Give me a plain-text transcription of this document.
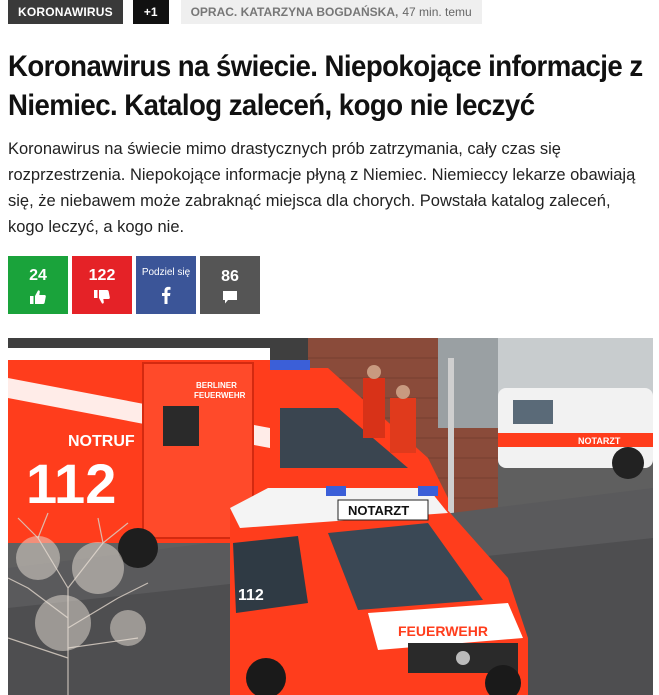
KORONAWIRUS	+1	OPRAC. KATARZYNA BOGDAŃSKA, 47 min. temu
Koronawirus na świecie. Niepokojące informacje z Niemiec. Katalog zaleceń, kogo nie leczyć

Koronawirus na świecie mimo drastycznych prób zatrzymania, cały czas się rozprzestrzenia. Niepokojące informacje płyną z Niemiec. Niemieccy lekarze obawiają się, że niebawem może zabraknąć miejsca dla chorych. Powstała katalog zaleceń, kogo leczyć, a kogo nie.

24	122	Podziel się 86
NOTARZT
NOTRUF
112
BERLINER
FEUERWEHR
NOTARZT
FEUERWEHR
112
